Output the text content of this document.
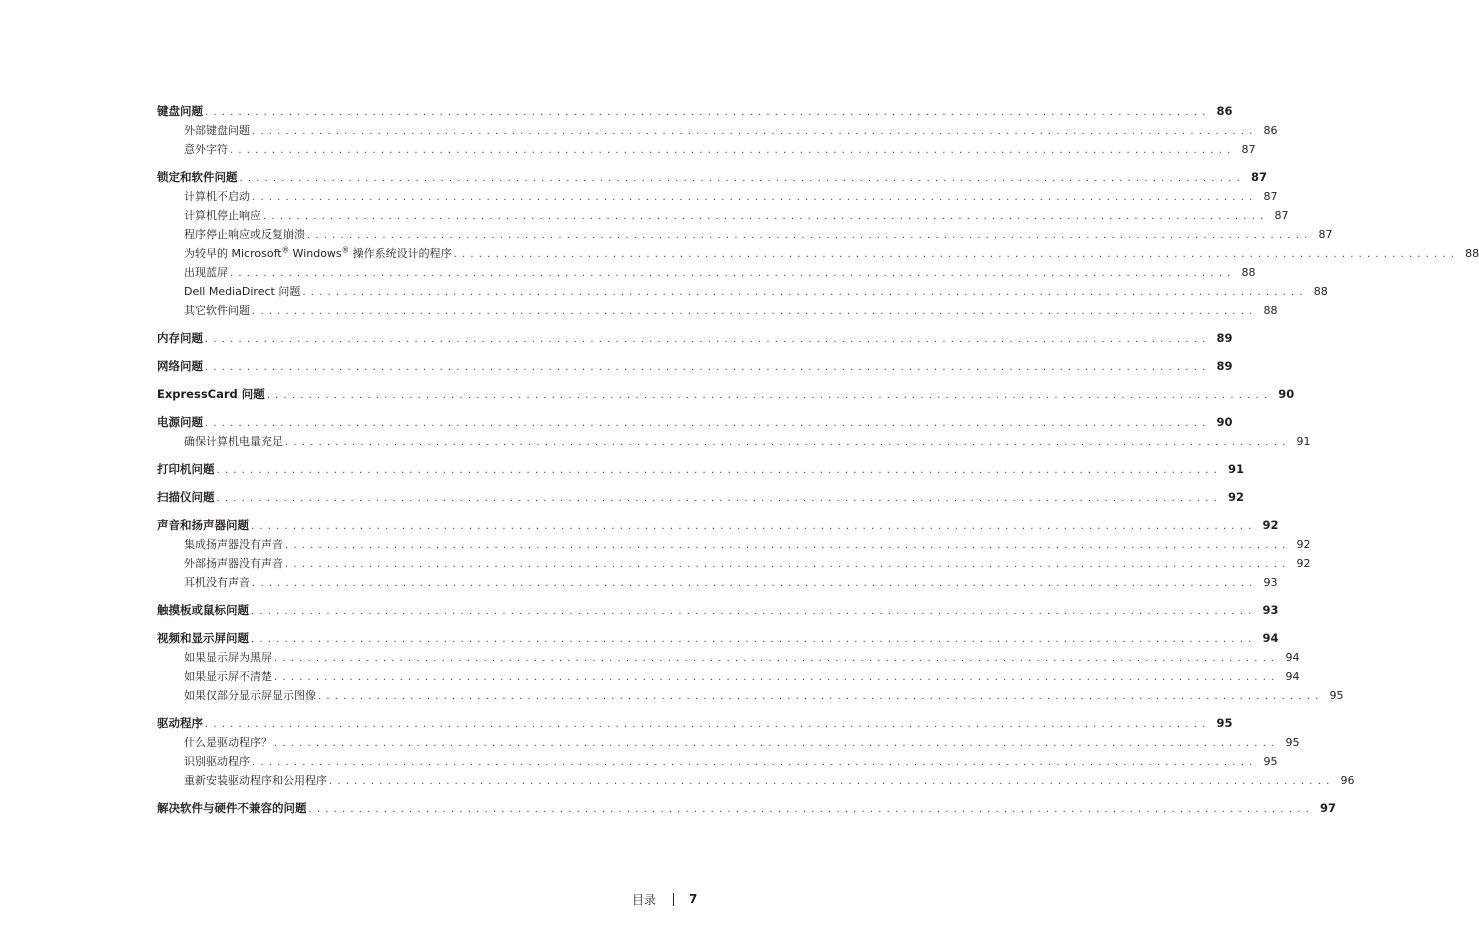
键盘问题 ........................................................................................................................ 86
外部键盘问题 ........................................................................................................................ 86
意外字符 ........................................................................................................................ 87
锁定和软件问题 ........................................................................................................................ 87
计算机不启动 ........................................................................................................................ 87
计算机停止响应 ........................................................................................................................ 87
程序停止响应或反复崩溃 ........................................................................................................................ 87
为较早的 Microsoft® Windows® 操作系统设计的程序 ........................................................................................................................ 88
出现蓝屏 ........................................................................................................................ 88
Dell MediaDirect 问题 ........................................................................................................................ 88
其它软件问题 ........................................................................................................................ 88
内存问题 ........................................................................................................................ 89
网络问题 ........................................................................................................................ 89
ExpressCard 问题 ........................................................................................................................ 90
电源问题 ........................................................................................................................ 90
确保计算机电量充足 ........................................................................................................................ 91
打印机问题 ........................................................................................................................ 91
扫描仪问题 ........................................................................................................................ 92
声音和扬声器问题 ........................................................................................................................ 92
集成扬声器没有声音 ........................................................................................................................ 92
外部扬声器没有声音 ........................................................................................................................ 92
耳机没有声音 ........................................................................................................................ 93
触摸板或鼠标问题 ........................................................................................................................ 93
视频和显示屏问题 ........................................................................................................................ 94
如果显示屏为黑屏 ........................................................................................................................ 94
如果显示屏不清楚 ........................................................................................................................ 94
如果仅部分显示屏显示图像 ........................................................................................................................ 95
驱动程序 ........................................................................................................................ 95
什么是驱动程序？ ........................................................................................................................ 95
识别驱动程序 ........................................................................................................................ 95
重新安装驱动程序和公用程序 ........................................................................................................................ 96
解决软件与硬件不兼容的问题 ........................................................................................................................ 97
目录	7
